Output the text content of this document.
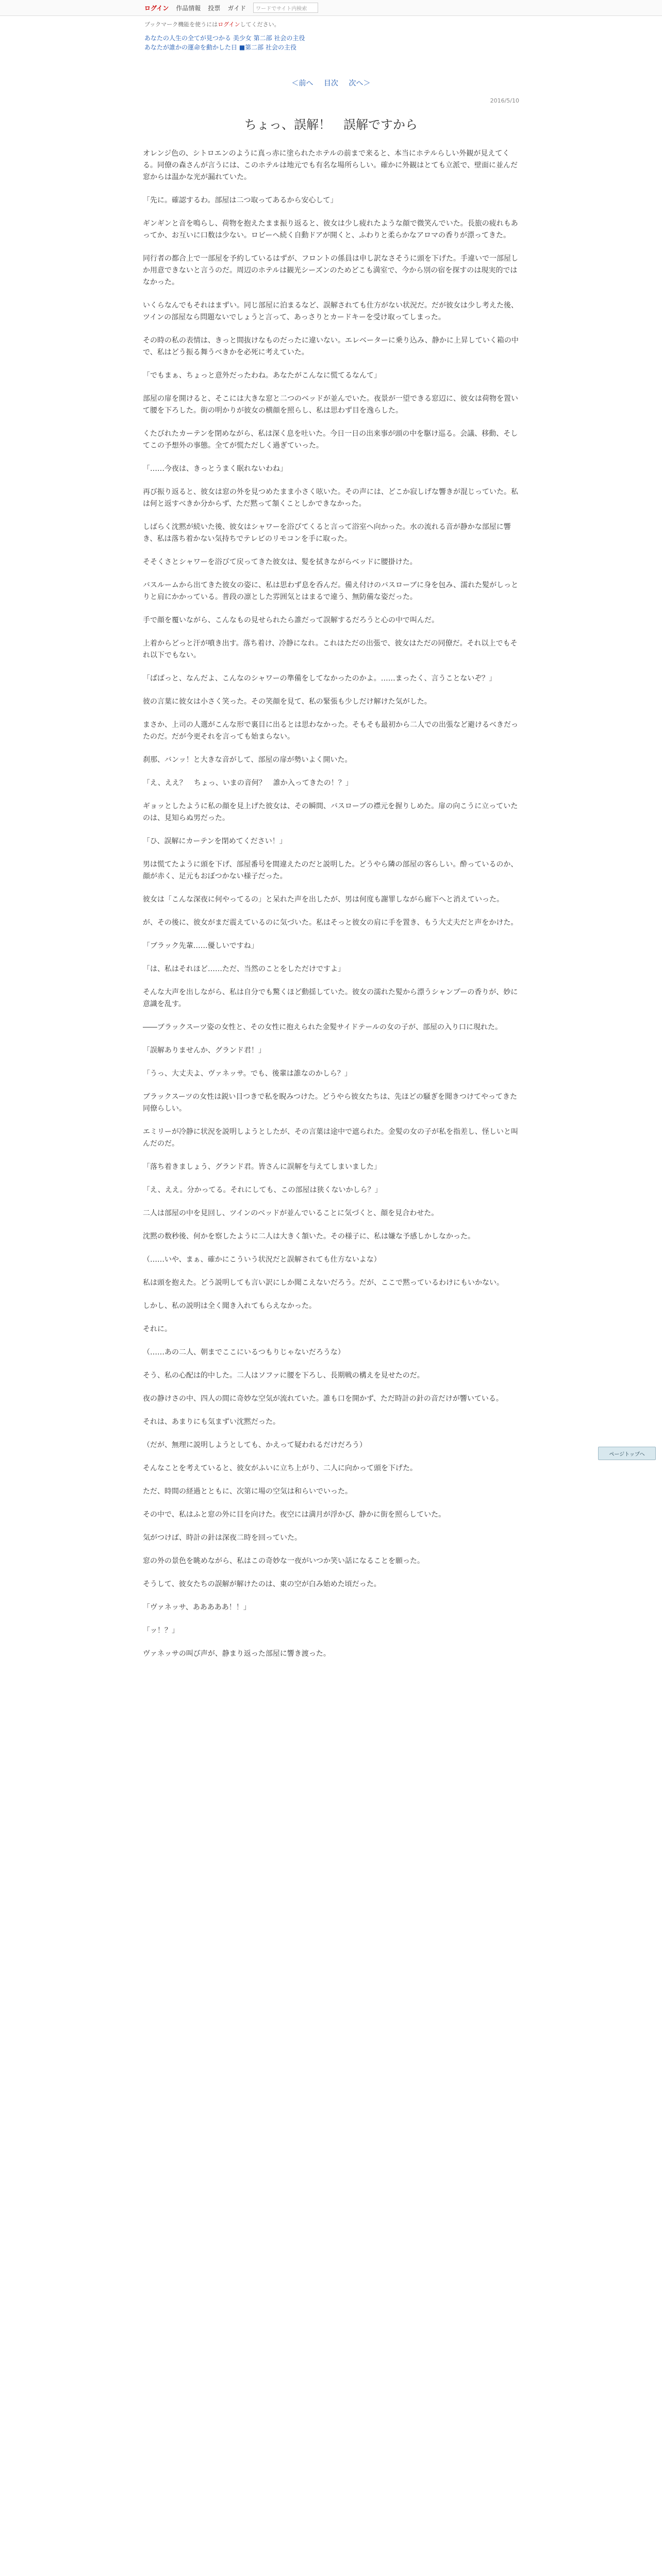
ログイン 作品情報 投票 ガイド	ワードでサイト内検索
ブックマーク機能を使うにはログインしてください。
あなたの人生の全てが見つかる 美少女 第二部 社会の主役
あなたが誰かの運命を動かした日 ■第二部 社会の主役
＜前へ 目次 次へ＞
2016/5/10
ちょっ、誤解！　誤解ですから

オレンジ色の、シトロエンのように真っ赤に塗られたホテルの前まで来ると、本当にホテルらしい外観が見えてくる。同僚の森さんが言うには、このホテルは地元でも有名な場所らしい。確かに外観はとても立派で、壁面に並んだ窓からは温かな光が漏れていた。

「先に。確認するわ。部屋は二つ取ってあるから安心して」

ギンギンと音を鳴らし、荷物を抱えたまま振り返ると、彼女は少し疲れたような顔で微笑んでいた。長旅の疲れもあってか、お互いに口数は少ない。ロビーへ続く自動ドアが開くと、ふわりと柔らかなアロマの香りが漂ってきた。

同行者の都合上で一部屋を予約しているはずが、フロントの係員は申し訳なさそうに頭を下げた。手違いで一部屋しか用意できないと言うのだ。周辺のホテルは観光シーズンのためどこも満室で、今から別の宿を探すのは現実的ではなかった。

いくらなんでもそれはまずい。同じ部屋に泊まるなど、誤解されても仕方がない状況だ。だが彼女は少し考えた後、ツインの部屋なら問題ないでしょうと言って、あっさりとカードキーを受け取ってしまった。

その時の私の表情は、きっと間抜けなものだったに違いない。エレベーターに乗り込み、静かに上昇していく箱の中で、私はどう振る舞うべきかを必死に考えていた。

「でもまぁ、ちょっと意外だったわね。あなたがこんなに慌てるなんて」

部屋の扉を開けると、そこには大きな窓と二つのベッドが並んでいた。夜景が一望できる窓辺に、彼女は荷物を置いて腰を下ろした。街の明かりが彼女の横顔を照らし、私は思わず目を逸らした。

くたびれたカーテンを閉めながら、私は深く息を吐いた。今日一日の出来事が頭の中を駆け巡る。会議、移動、そしてこの予想外の事態。全てが慌ただしく過ぎていった。

「……今夜は、きっとうまく眠れないわね」

再び振り返ると、彼女は窓の外を見つめたまま小さく呟いた。その声には、どこか寂しげな響きが混じっていた。私は何と返すべきか分からず、ただ黙って頷くことしかできなかった。

しばらく沈黙が続いた後、彼女はシャワーを浴びてくると言って浴室へ向かった。水の流れる音が静かな部屋に響き、私は落ち着かない気持ちでテレビのリモコンを手に取った。

そそくさとシャワーを浴びて戻ってきた彼女は、髪を拭きながらベッドに腰掛けた。

バスルームから出てきた彼女の姿に、私は思わず息を呑んだ。備え付けのバスローブに身を包み、濡れた髪がしっとりと肩にかかっている。普段の凛とした雰囲気とはまるで違う、無防備な姿だった。

手で顔を覆いながら、こんなもの見せられたら誰だって誤解するだろうと心の中で叫んだ。

上着からどっと汗が噴き出す。落ち着け、冷静になれ。これはただの出張で、彼女はただの同僚だ。それ以上でもそれ以下でもない。

「ぱぱっと、なんだよ、こんなのシャワーの準備をしてなかったのかよ。……まったく、言うことないぞ？」

彼の言葉に彼女は小さく笑った。その笑顔を見て、私の緊張も少しだけ解けた気がした。

まさか、上司の人選がこんな形で裏目に出るとは思わなかった。そもそも最初から二人での出張など避けるべきだったのだ。だが今更それを言っても始まらない。

刹那、バンッ！と大きな音がして、部屋の扉が勢いよく開いた。

「え、ええ？　ちょっ、いまの音何？　誰か入ってきたの！？」

ギョッとしたように私の顔を見上げた彼女は、その瞬間、バスローブの襟元を握りしめた。扉の向こうに立っていたのは、見知らぬ男だった。

「ひ、誤解にカーテンを閉めてください！」

男は慌てたように頭を下げ、部屋番号を間違えたのだと説明した。どうやら隣の部屋の客らしい。酔っているのか、顔が赤く、足元もおぼつかない様子だった。

彼女は「こんな深夜に何やってるの」と呆れた声を出したが、男は何度も謝罪しながら廊下へと消えていった。

が、その後に、彼女がまだ震えているのに気づいた。私はそっと彼女の肩に手を置き、もう大丈夫だと声をかけた。

「ブラック先輩……優しいですね」

「は、私はそれほど……ただ、当然のことをしただけですよ」

そんな大声を出しながら、私は自分でも驚くほど動揺していた。彼女の濡れた髪から漂うシャンプーの香りが、妙に意識を乱す。

――ブラックスーツ姿の女性と、その女性に抱えられた金髪サイドテールの女の子が、部屋の入り口に現れた。

「誤解ありませんか、グランド君！」

「うっ、大丈夫よ、ヴァネッサ。でも、後輩は誰なのかしら？」

ブラックスーツの女性は鋭い目つきで私を睨みつけた。どうやら彼女たちは、先ほどの騒ぎを聞きつけてやってきた同僚らしい。

エミリーが冷静に状況を説明しようとしたが、その言葉は途中で遮られた。金髪の女の子が私を指差し、怪しいと叫んだのだ。

「落ち着きましょう、グランド君。皆さんに誤解を与えてしまいました」

「え、ええ。分かってる。それにしても、この部屋は狭くないかしら？」

二人は部屋の中を見回し、ツインのベッドが並んでいることに気づくと、顔を見合わせた。

沈黙の数秒後、何かを察したように二人は大きく頷いた。その様子に、私は嫌な予感しかしなかった。

（……いや、まぁ、確かにこういう状況だと誤解されても仕方ないよな）

私は頭を抱えた。どう説明しても言い訳にしか聞こえないだろう。だが、ここで黙っているわけにもいかない。

しかし、私の説明は全く聞き入れてもらえなかった。

それに。

（……あの二人、朝までここにいるつもりじゃないだろうな）

そう、私の心配は的中した。二人はソファに腰を下ろし、長期戦の構えを見せたのだ。

夜の静けさの中、四人の間に奇妙な空気が流れていた。誰も口を開かず、ただ時計の針の音だけが響いている。

それは、あまりにも気まずい沈黙だった。

（だが、無理に説明しようとしても、かえって疑われるだけだろう）

そんなことを考えていると、彼女がふいに立ち上がり、二人に向かって頭を下げた。

ただ、時間の経過とともに、次第に場の空気は和らいでいった。

その中で、私はふと窓の外に目を向けた。夜空には満月が浮かび、静かに街を照らしていた。

気がつけば、時計の針は深夜二時を回っていた。

窓の外の景色を眺めながら、私はこの奇妙な一夜がいつか笑い話になることを願った。

そうして、彼女たちの誤解が解けたのは、東の空が白み始めた頃だった。

「ヴァネッサ、あああああ！！」

「ッ！？」

ヴァネッサの叫び声が、静まり返った部屋に響き渡った。

ページトップへ
